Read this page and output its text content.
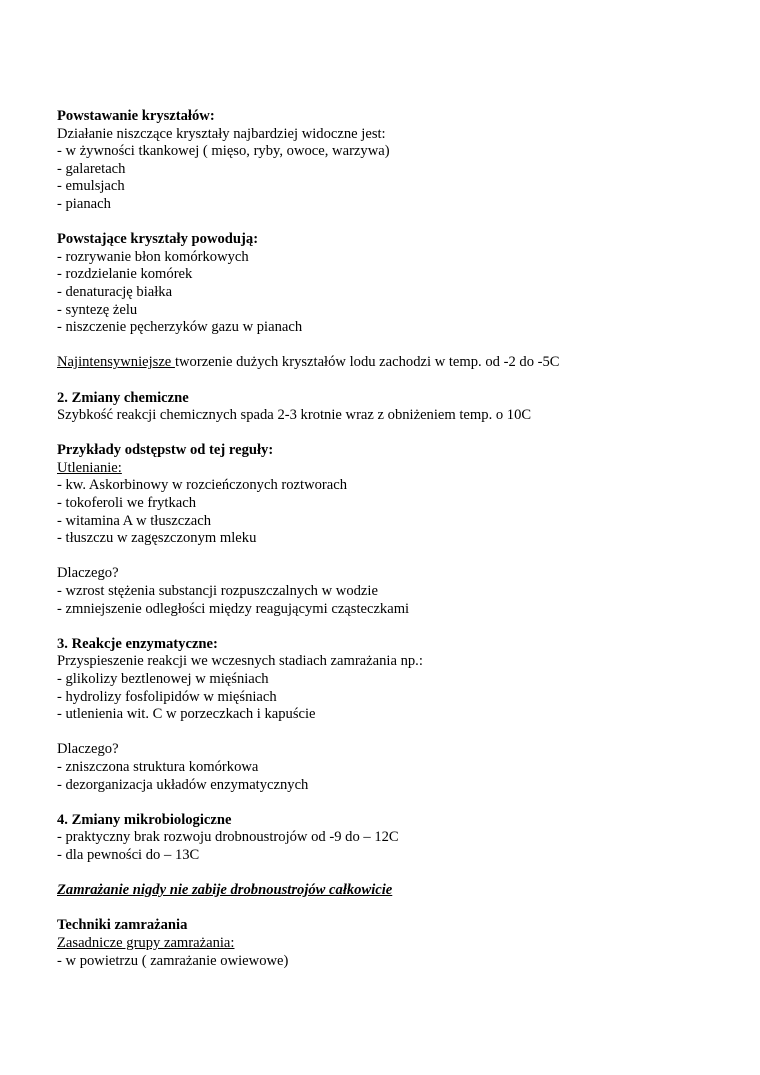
Powstawanie kryształów:
Działanie niszczące kryształy najbardziej widoczne jest:
- w żywności tkankowej ( mięso, ryby, owoce, warzywa)
- galaretach
- emulsjach
- pianach
Powstające kryształy powodują:
- rozrywanie błon komórkowych
- rozdzielanie komórek
- denaturację białka
- syntezę żelu
- niszczenie pęcherzyków gazu w pianach
Najintensywniejsze tworzenie dużych kryształów lodu zachodzi w temp. od -2 do -5C
2. Zmiany chemiczne
Szybkość reakcji chemicznych spada 2-3 krotnie wraz z obniżeniem temp. o 10C
Przykłady odstępstw od tej reguły:
Utlenianie:
- kw. Askorbinowy w rozcieńczonych roztworach
- tokoferoli we frytkach
- witamina A w tłuszczach
- tłuszczu w zagęszczonym mleku
Dlaczego?
- wzrost stężenia substancji rozpuszczalnych w wodzie
- zmniejszenie odległości między reagującymi cząsteczkami
3. Reakcje enzymatyczne:
Przyspieszenie reakcji we wczesnych stadiach zamrażania np.:
- glikolizy beztlenowej w mięśniach
- hydrolizy fosfolipidów w mięśniach
- utlenienia wit. C w porzeczkach i kapuście
Dlaczego?
- zniszczona struktura komórkowa
- dezorganizacja układów enzymatycznych
4. Zmiany mikrobiologiczne
- praktyczny brak rozwoju drobnoustrojów od -9 do – 12C
- dla pewności do – 13C
Zamrażanie nigdy nie zabije drobnoustrojów całkowicie
Techniki zamrażania
Zasadnicze grupy zamrażania:
- w powietrzu ( zamrażanie owiewowe)
